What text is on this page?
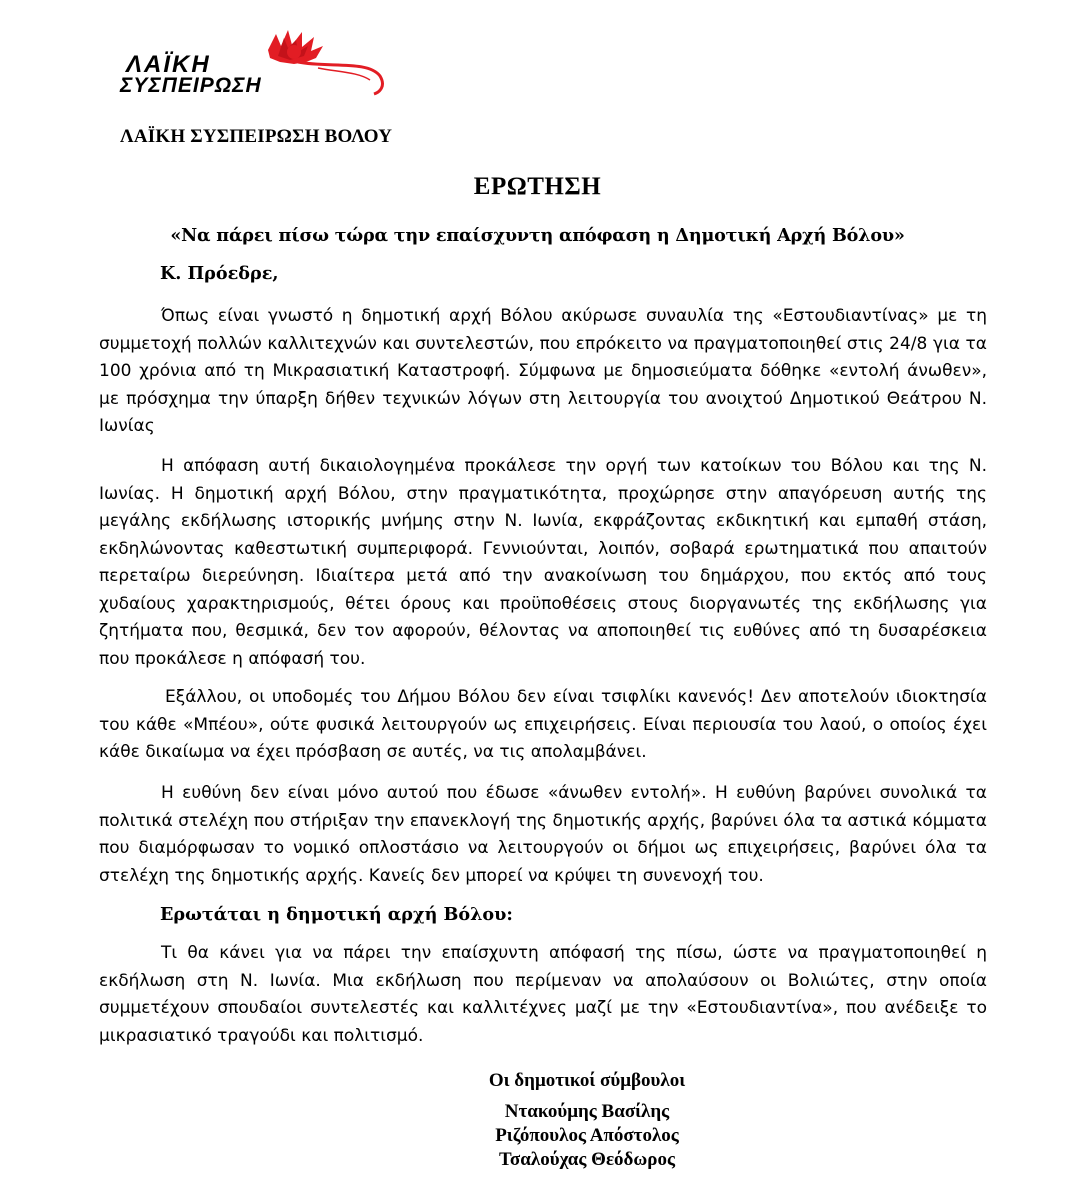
ΛΑΪΚΗ
ΣΥΣΠΕΙΡΩΣΗ
ΛΑΪΚΗ ΣΥΣΠΕΙΡΩΣΗ ΒΟΛΟΥ
ΕΡΩΤΗΣΗ
«Να πάρει πίσω τώρα την επαίσχυντη απόφαση η Δημοτική Αρχή Βόλου»
Κ. Πρόεδρε,

Όπως είναι γνωστό η δημοτική αρχή Βόλου ακύρωσε συναυλία της «Εστουδιαντίνας» με τη συμμετοχή πολλών καλλιτεχνών και συντελεστών, που επρόκειτο να πραγματοποιηθεί στις 24/8 για τα 100 χρόνια από τη Μικρασιατική Καταστροφή. Σύμφωνα με δημοσιεύματα δόθηκε «εντολή άνωθεν», με πρόσχημα την ύπαρξη δήθεν τεχνικών λόγων στη λειτουργία του ανοιχτού Δημοτικού Θεάτρου Ν. Ιωνίας

Η απόφαση αυτή δικαιολογημένα προκάλεσε την οργή των κατοίκων του Βόλου και της Ν. Ιωνίας. Η δημοτική αρχή Βόλου, στην πραγματικότητα, προχώρησε στην απαγόρευση αυτής της μεγάλης εκδήλωσης ιστορικής μνήμης στην Ν. Ιωνία, εκφράζοντας εκδικητική και εμπαθή στάση, εκδηλώνοντας καθεστωτική συμπεριφορά. Γεννιούνται, λοιπόν, σοβαρά ερωτηματικά που απαιτούν περεταίρω διερεύνηση. Ιδιαίτερα μετά από την ανακοίνωση του δημάρχου, που εκτός από τους χυδαίους χαρακτηρισμούς, θέτει όρους και προϋποθέσεις στους διοργανωτές της εκδήλωσης για ζητήματα που, θεσμικά, δεν τον αφορούν, θέλοντας να αποποιηθεί τις ευθύνες από τη δυσαρέσκεια που προκάλεσε η απόφασή του.

Εξάλλου, οι υποδομές του Δήμου Βόλου δεν είναι τσιφλίκι κανενός! Δεν αποτελούν ιδιοκτησία του κάθε «Μπέου», ούτε φυσικά λειτουργούν ως επιχειρήσεις. Είναι περιουσία του λαού, ο οποίος έχει κάθε δικαίωμα να έχει πρόσβαση σε αυτές, να τις απολαμβάνει.

Η ευθύνη δεν είναι μόνο αυτού που έδωσε «άνωθεν εντολή». Η ευθύνη βαρύνει συνολικά τα πολιτικά στελέχη που στήριξαν την επανεκλογή της δημοτικής αρχής, βαρύνει όλα τα αστικά κόμματα που διαμόρφωσαν το νομικό οπλοστάσιο να λειτουργούν οι δήμοι ως επιχειρήσεις, βαρύνει όλα τα στελέχη της δημοτικής αρχής. Κανείς δεν μπορεί να κρύψει τη συνενοχή του.

Ερωτάται η δημοτική αρχή Βόλου:

Τι θα κάνει για να πάρει την επαίσχυντη απόφασή της πίσω, ώστε να πραγματοποιηθεί η εκδήλωση στη Ν. Ιωνία. Μια εκδήλωση που περίμεναν να απολαύσουν οι Βολιώτες, στην οποία συμμετέχουν σπουδαίοι συντελεστές και καλλιτέχνες μαζί με την «Εστουδιαντίνα», που ανέδειξε το μικρασιατικό τραγούδι και πολιτισμό.

Οι δημοτικοί σύμβουλοι
Ντακούμης Βασίλης
Ριζόπουλος Απόστολος
Τσαλούχας Θεόδωρος
